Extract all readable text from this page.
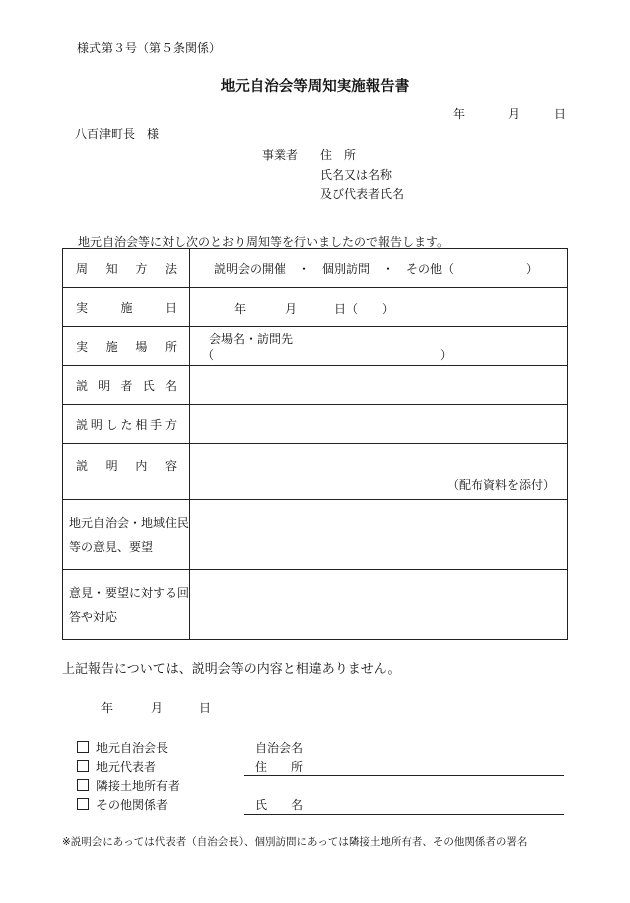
様式第３号（第５条関係）
地元自治会等周知実施報告書
年	月	日
八百津町長　様
事業者 住　所
氏名又は名称
及び代表者氏名
地元自治会等に対し次のとおり周知等を行いましたので報告します。
周知方法	説明会の開催　・　個別訪問　・　その他（　　　　　　）

実施日	年 月 日（　　）

実施場所	会場名・訪問先
（ ）

説明者氏名	

説明した相手方	

説明内容	（配布資料を添付）

地元自治会・地域住民等の意見、要望	

意見・要望に対する回答や対応	

上記報告については、説明会等の内容と相違ありません。
年	月	日
地元自治会長
地元代表者
隣接土地所有者
その他関係者
自治会名
住　　所
氏　　名
※説明会にあっては代表者（自治会長）、個別訪問にあっては隣接土地所有者、その他関係者の署名
